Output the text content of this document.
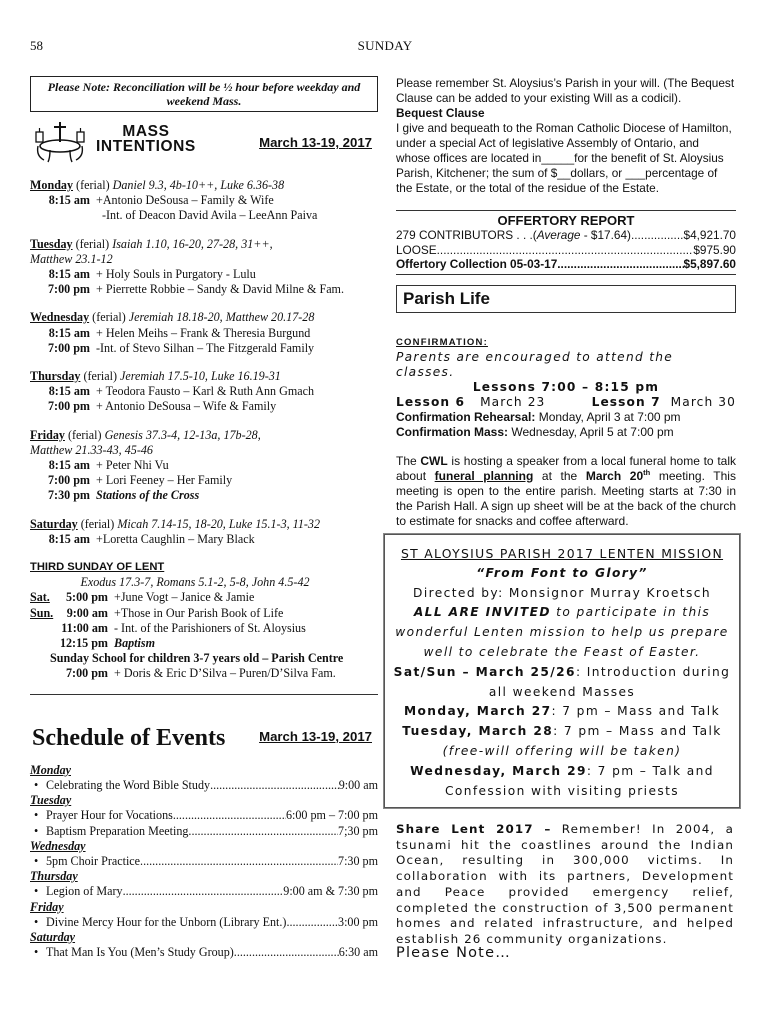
58	SUNDAY
Please Note: Reconciliation will be ½ hour before weekday and weekend Mass.
MASS
INTENTIONS	March 13-19, 2017
Monday (ferial) Daniel 9.3, 4b-10++, Luke 6.36-38
8:15 am +Antonio DeSousa – Family & Wife
-Int. of Deacon David Avila – LeeAnn Paiva
Tuesday (ferial) Isaiah 1.10, 16-20, 27-28, 31++,
Matthew 23.1-12
8:15 am + Holy Souls in Purgatory - Lulu
7:00 pm + Pierrette Robbie – Sandy & David Milne & Fam.
Wednesday (ferial) Jeremiah 18.18-20, Matthew 20.17-28
8:15 am + Helen Meihs – Frank & Theresia Burgund
7:00 pm -Int. of Stevo Silhan – The Fitzgerald Family
Thursday (ferial) Jeremiah 17.5-10, Luke 16.19-31
8:15 am + Teodora Fausto – Karl & Ruth Ann Gmach
7:00 pm + Antonio DeSousa – Wife & Family
Friday (ferial) Genesis 37.3-4, 12-13a, 17b-28,
Matthew 21.33-43, 45-46
8:15 am + Peter Nhi Vu
7:00 pm + Lori Feeney – Her Family
7:30 pm Stations of the Cross
Saturday (ferial) Micah 7.14-15, 18-20, Luke 15.1-3, 11-32
8:15 am +Loretta Caughlin – Mary Black
THIRD SUNDAY OF LENT
Exodus 17.3-7, Romans 5.1-2, 5-8, John 4.5-42
Sat.	5:00 pm +June Vogt – Janice & Jamie
Sun.	9:00 am +Those in Our Parish Book of Life
11:00 am - Int. of the Parishioners of St. Aloysius
12:15 pm Baptism
Sunday School for children 3-7 years old – Parish Centre
7:00 pm + Doris & Eric D’Silva – Puren/D’Silva Fam.
Schedule of Events	March 13-19, 2017
Monday
• Celebrating the Word Bible Study .....	9:00 am
Tuesday
• Prayer Hour for Vocations .....	6:00 pm – 7:00 pm
• Baptism Preparation Meeting .....	7;30 pm
Wednesday
• 5pm Choir Practice .....	7:30 pm
Thursday
• Legion of Mary .....	9:00 am & 7:30 pm
Friday
• Divine Mercy Hour for the Unborn (Library Ent.) .....	3:00 pm
Saturday
• That Man Is You (Men’s Study Group) .....	6:30 am

Please remember St. Aloysius’s Parish in your will. (The Bequest Clause can be added to your existing Will as a codicil).

Bequest Clause

I give and bequeath to the Roman Catholic Diocese of Hamilton, under a special Act of legislative Assembly of Ontario, and whose offices are located in_____for the benefit of St. Aloysius Parish, Kitchener; the sum of $__dollars, or ___percentage of the Estate, or the total of the residue of the Estate.

OFFERTORY REPORT
279 CONTRIBUTORS . . .(Average - $17.64) .....	$4,921.70
LOOSE .....	$975.90
Offertory Collection 05-03-17 .....	$5,897.60
Parish Life
CONFIRMATION:
Parents are encouraged to attend the classes.
Lessons 7:00 – 8:15 pm
Lesson 6 March 23	Lesson 7 March 30
Confirmation Rehearsal: Monday, April 3 at 7:00 pm
Confirmation Mass: Wednesday, April 5 at 7:00 pm
The CWL is hosting a speaker from a local funeral home to talk about funeral planning at the March 20th meeting. This meeting is open to the entire parish. Meeting starts at 7:30 in the Parish Hall. A sign up sheet will be at the back of the church to estimate for snacks and coffee afterward.
ST ALOYSIUS PARISH 2017 LENTEN MISSION
“From Font to Glory”
Directed by: Monsignor Murray Kroetsch
ALL ARE INVITED to participate in this
wonderful Lenten mission to help us prepare
well to celebrate the Feast of Easter.
Sat/Sun – March 25/26: Introduction during
all weekend Masses
Monday, March 27: 7 pm – Mass and Talk
Tuesday, March 28: 7 pm – Mass and Talk
(free-will offering will be taken)
Wednesday, March 29: 7 pm – Talk and
Confession with visiting priests
Share Lent 2017 – Remember! In 2004, a tsunami hit the coastlines around the Indian Ocean, resulting in 300,000 victims. In collaboration with its partners, Development and Peace provided emergency relief, completed the construction of 3,500 permanent homes and related infrastructure, and helped establish 26 community organizations.
Please Note…
